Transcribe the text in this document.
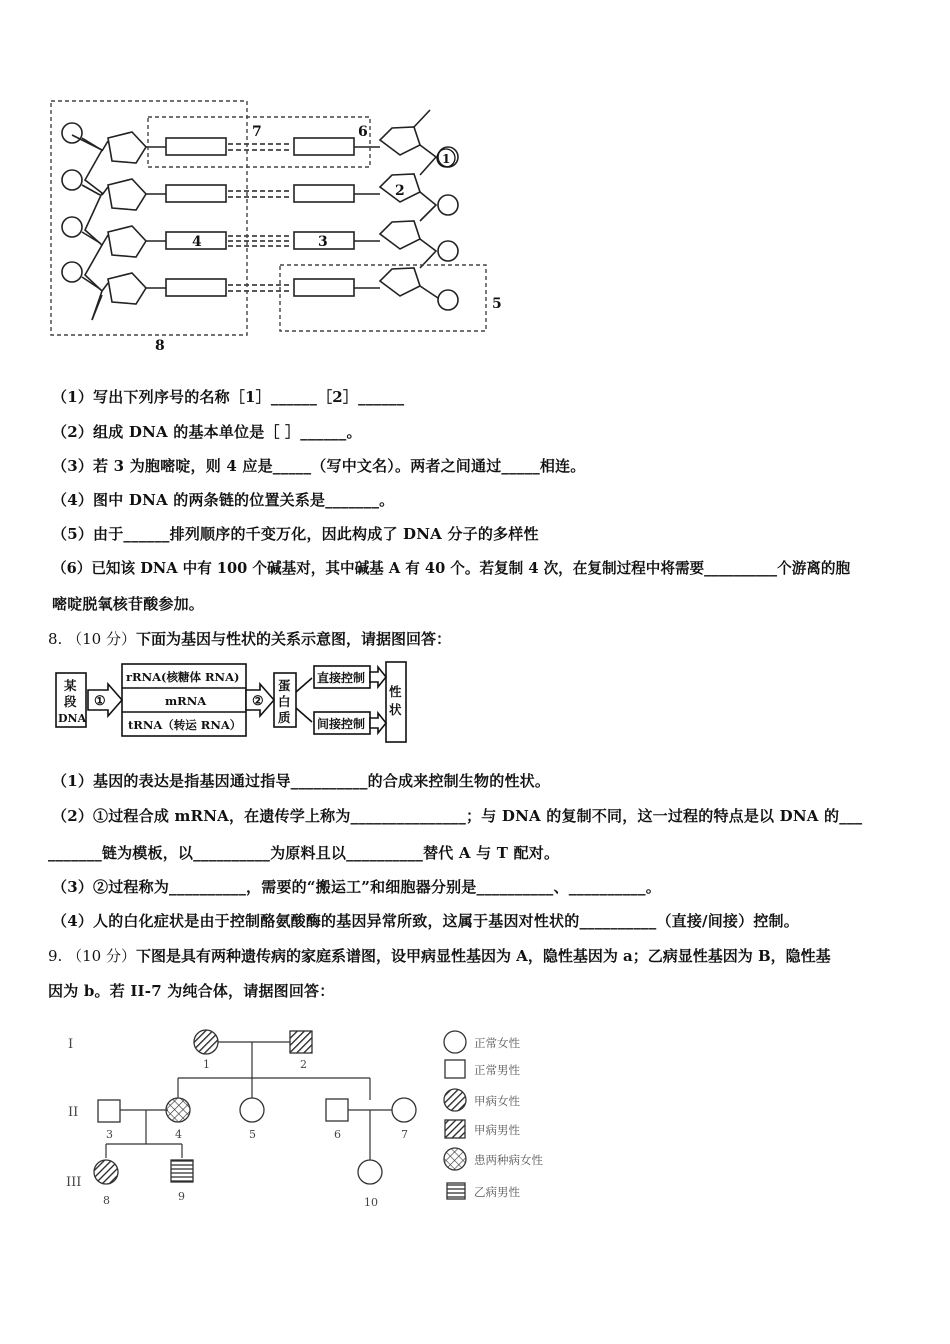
7	6
1
2
3
4
5
8
（1）写出下列序号的名称［1］______［2］______
（2）组成 DNA 的基本单位是［ ］______。
（3）若 3 为胞嘧啶，则 4 应是_____（写中文名）。两者之间通过_____相连。
（4）图中 DNA 的两条链的位置关系是_______。
（5）由于______排列顺序的千变万化，因此构成了 DNA 分子的多样性
（6）已知该 DNA 中有 100 个碱基对，其中碱基 A 有 40 个。若复制 4 次，在复制过程中将需要__________个游离的胞
嘧啶脱氧核苷酸参加。
8. （10 分）下面为基因与性状的关系示意图，请据图回答：
某
段
DNA
①
rRNA(核糖体 RNA)
mRNA
tRNA（转运 RNA）
②
蛋
白
质
直接控制
间接控制
性
状
（1）基因的表达是指基因通过指导__________的合成来控制生物的性状。
（2）①过程合成 mRNA，在遗传学上称为_______________；与 DNA 的复制不同，这一过程的特点是以 DNA 的___
_______链为模板，以__________为原料且以__________替代 A 与 T 配对。
（3）②过程称为__________，需要的“搬运工”和细胞器分别是__________、__________。
（4）人的白化症状是由于控制酪氨酸酶的基因异常所致，这属于基因对性状的__________（直接/间接）控制。
9. （10 分）下图是具有两种遗传病的家庭系谱图，设甲病显性基因为 A，隐性基因为 a；乙病显性基因为 B，隐性基
因为 b。若 II-7 为纯合体，请据图回答：
I
II
III
1	2
3	4	5	6	7
8	9	10
正常女性
正常男性
甲病女性
甲病男性
患两种病女性
乙病男性
